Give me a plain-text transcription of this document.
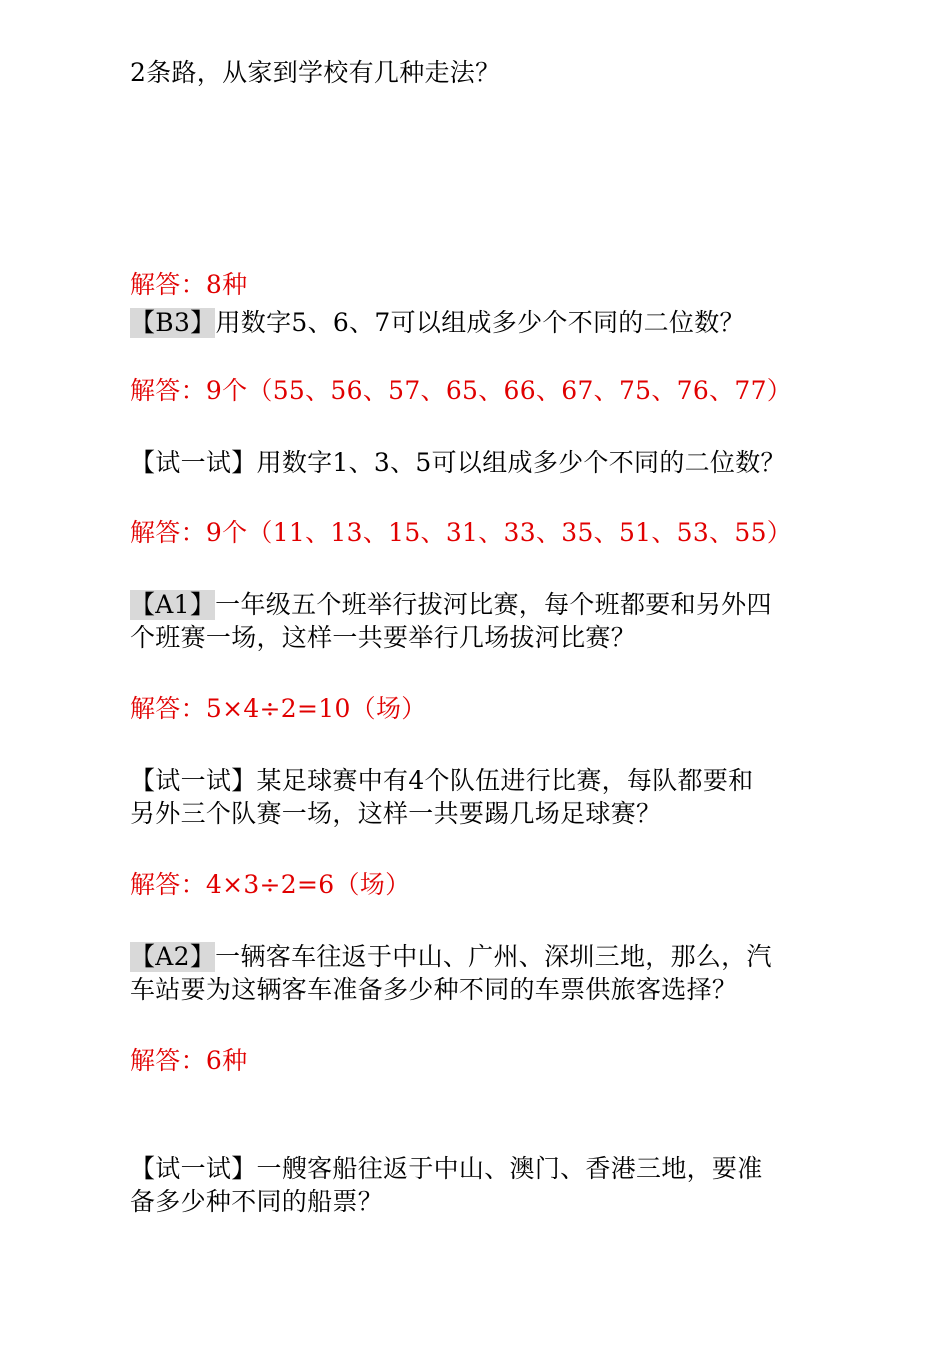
2条路，从家到学校有几种走法？
解答：8种
【B3】用数字5、6、7可以组成多少个不同的二位数？
解答：9个（55、56、57、65、66、67、75、76、77）
【试一试】用数字1、3、5可以组成多少个不同的二位数？
解答：9个（11、13、15、31、33、35、51、53、55）
【A1】一年级五个班举行拔河比赛，每个班都要和另外四
个班赛一场，这样一共要举行几场拔河比赛？
解答：5×4÷2=10（场）
【试一试】某足球赛中有4个队伍进行比赛，每队都要和
另外三个队赛一场，这样一共要踢几场足球赛？
解答：4×3÷2=6（场）
【A2】一辆客车往返于中山、广州、深圳三地，那么，汽
车站要为这辆客车准备多少种不同的车票供旅客选择？
解答：6种
【试一试】一艘客船往返于中山、澳门、香港三地，要准
备多少种不同的船票？
